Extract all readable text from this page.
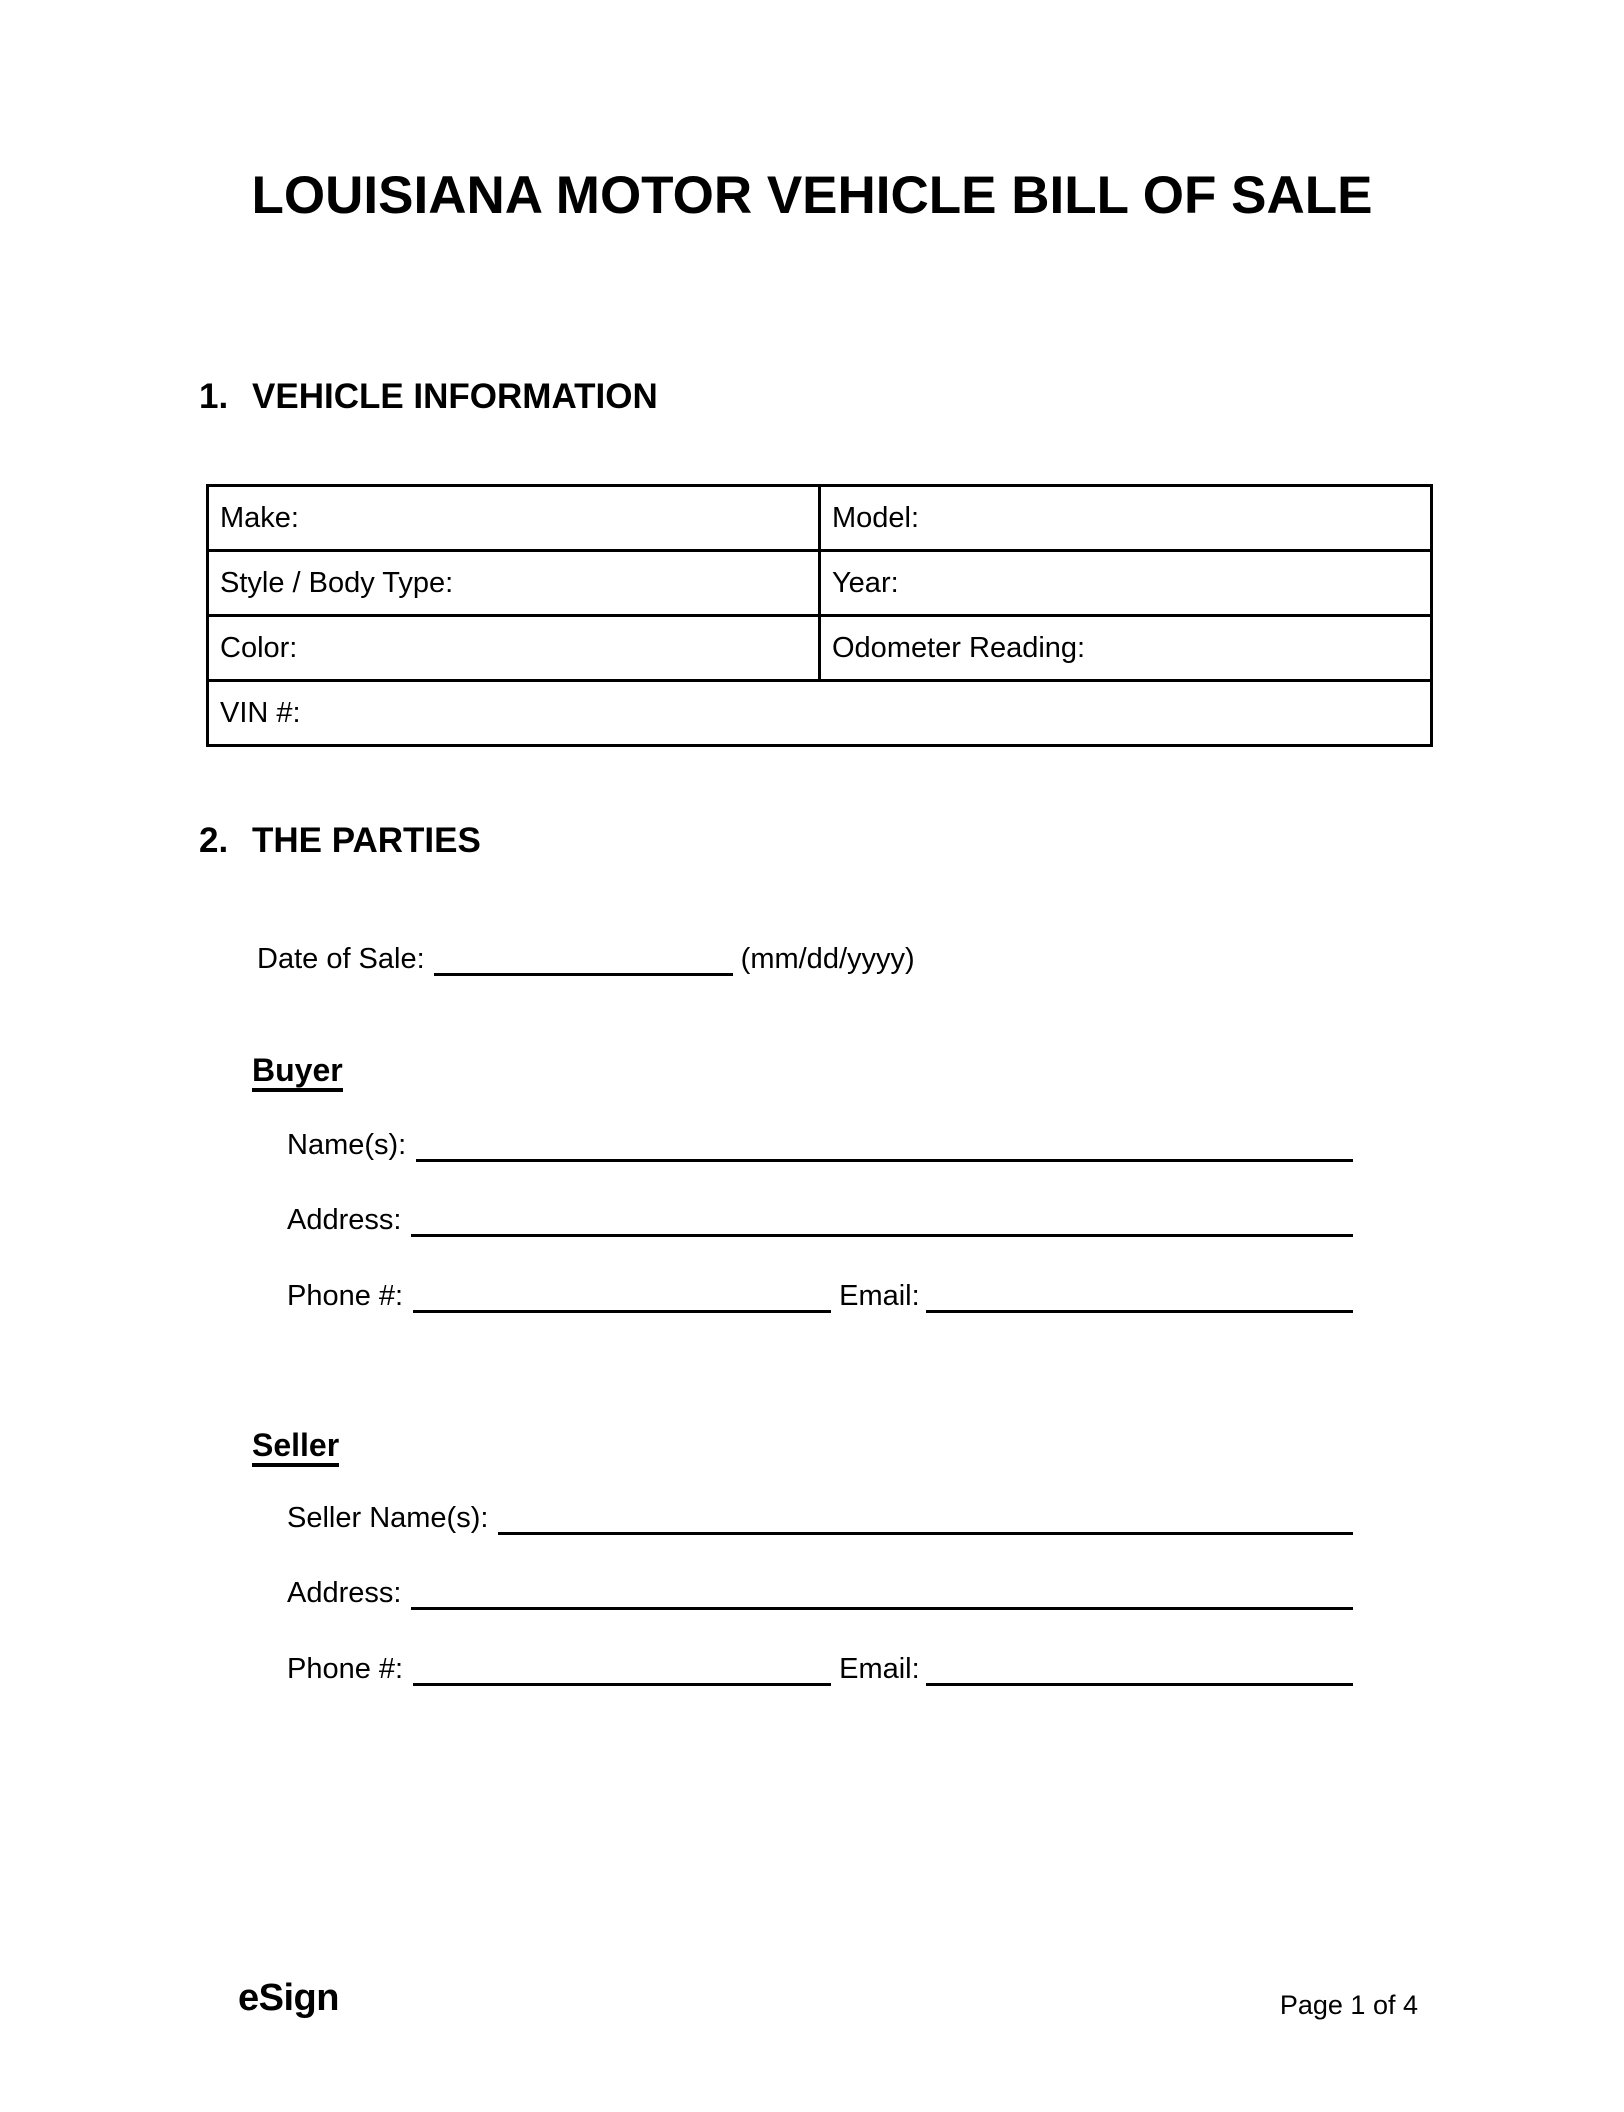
LOUISIANA MOTOR VEHICLE BILL OF SALE
1. VEHICLE INFORMATION
Make:	Model:
Style / Body Type:	Year:
Color:	Odometer Reading:
VIN #:	
2. THE PARTIES
Date of Sale:	(mm/dd/yyyy)
Buyer
Name(s):
Address:
Phone #:	Email:
Seller
Seller Name(s):
Address:
Phone #:	Email:
eSign	Page 1 of 4
